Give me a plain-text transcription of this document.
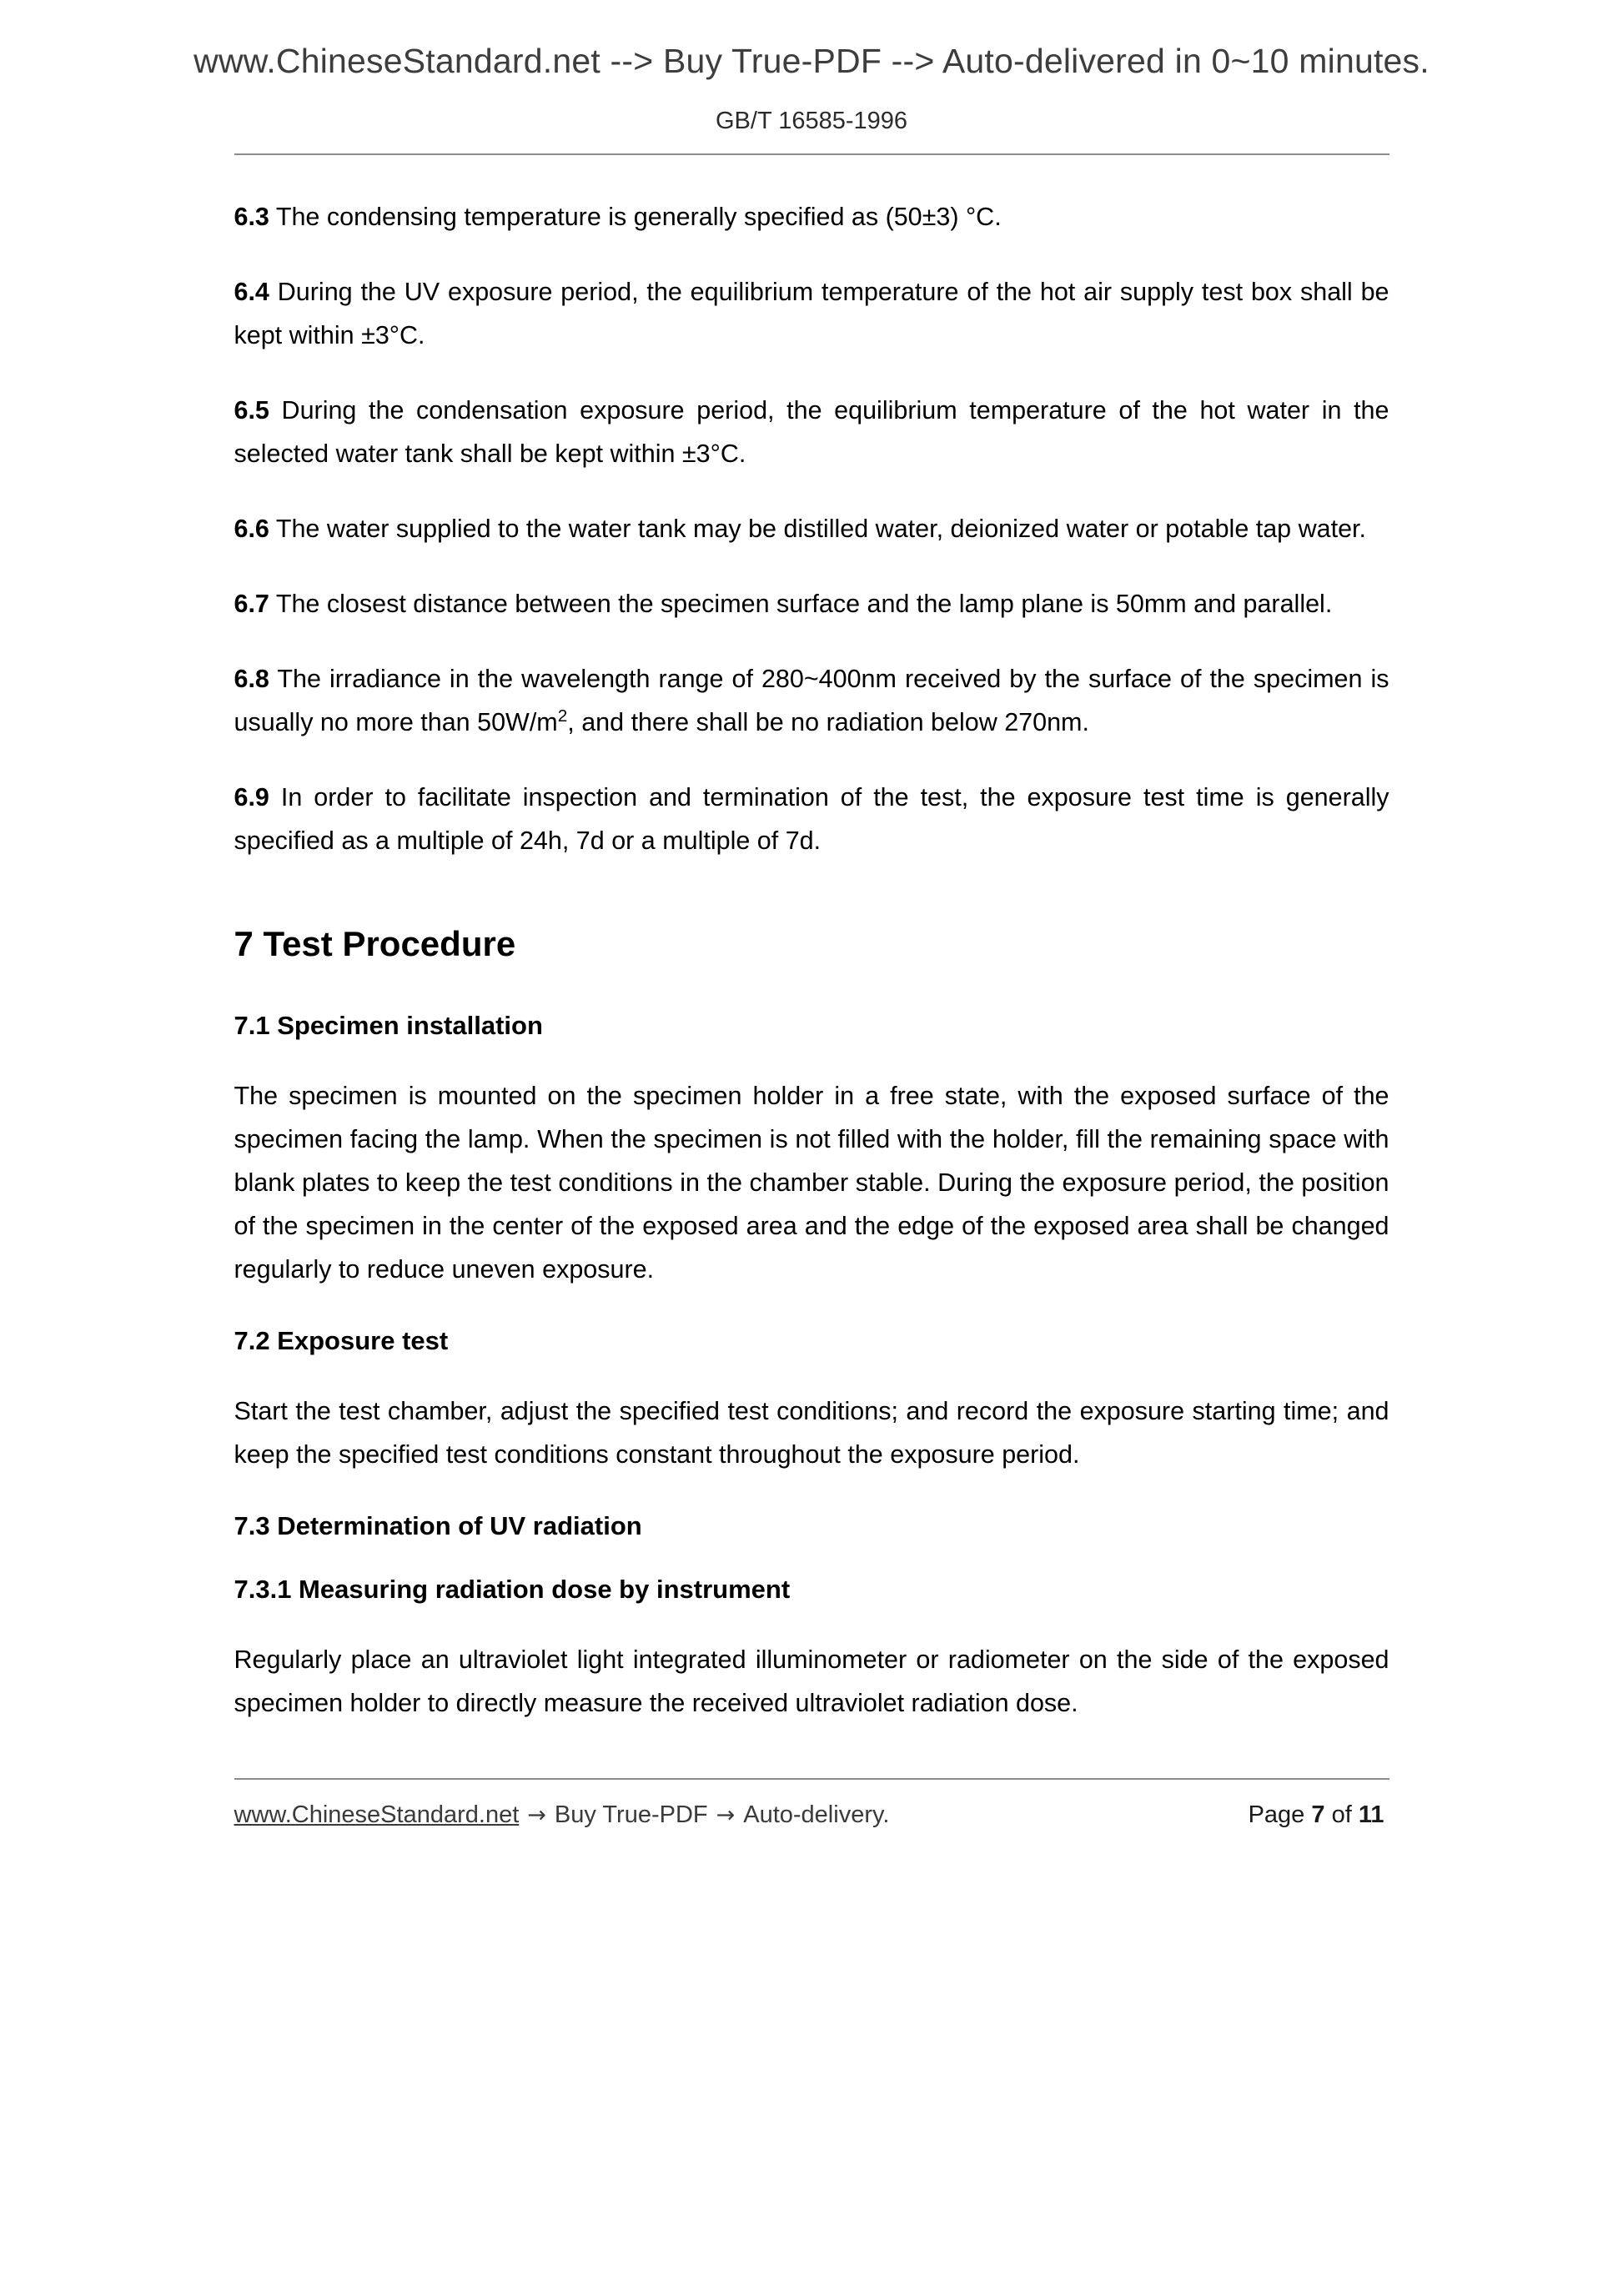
www.ChineseStandard.net --> Buy True-PDF --> Auto-delivered in 0~10 minutes.
GB/T 16585-1996

6.3 The condensing temperature is generally specified as (50±3) °C.

6.4 During the UV exposure period, the equilibrium temperature of the hot air supply test box shall be kept within ±3°C.

6.5 During the condensation exposure period, the equilibrium temperature of the hot water in the selected water tank shall be kept within ±3°C.

6.6 The water supplied to the water tank may be distilled water, deionized water or potable tap water.

6.7 The closest distance between the specimen surface and the lamp plane is 50mm and parallel.

6.8 The irradiance in the wavelength range of 280~400nm received by the surface of the specimen is usually no more than $50W/m^2$, and there shall be no radiation below 270nm.

6.9 In order to facilitate inspection and termination of the test, the exposure test time is generally specified as a multiple of 24h, 7d or a multiple of 7d.

7 Test Procedure
7.1 Specimen installation

The specimen is mounted on the specimen holder in a free state, with the exposed surface of the specimen facing the lamp. When the specimen is not filled with the holder, fill the remaining space with blank plates to keep the test conditions in the chamber stable. During the exposure period, the position of the specimen in the center of the exposed area and the edge of the exposed area shall be changed regularly to reduce uneven exposure.

7.2 Exposure test

Start the test chamber, adjust the specified test conditions; and record the exposure starting time; and keep the specified test conditions constant throughout the exposure period.

7.3 Determination of UV radiation
7.3.1 Measuring radiation dose by instrument

Regularly place an ultraviolet light integrated illuminometer or radiometer on the side of the exposed specimen holder to directly measure the received ultraviolet radiation dose.

www.ChineseStandard.net → Buy True-PDF → Auto-delivery.	Page 7 of 11
